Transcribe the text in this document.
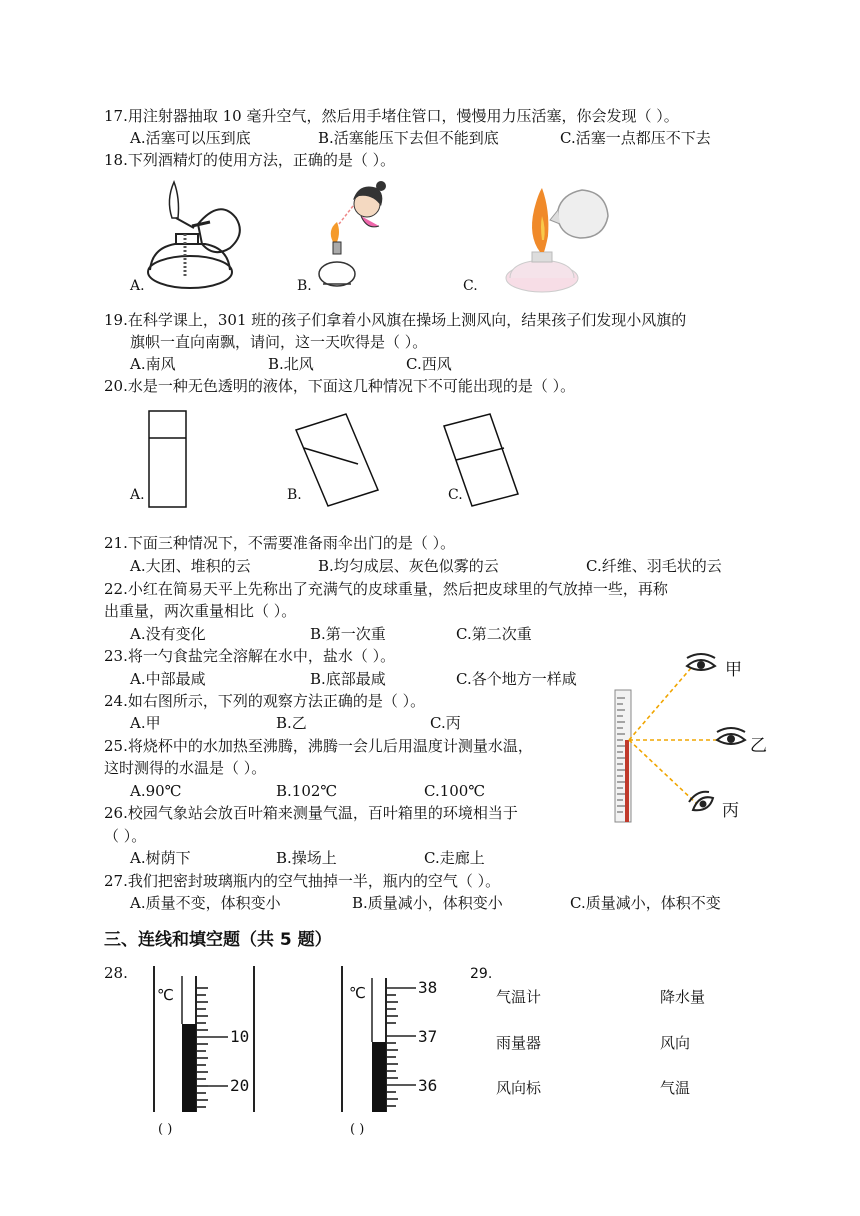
17.用注射器抽取 10 毫升空气，然后用手堵住管口，慢慢用力压活塞，你会发现（ ）。
A.活塞可以压到底	B.活塞能压下去但不能到底	C.活塞一点都压不下去
18.下列酒精灯的使用方法，正确的是（ ）。
A.	B.	C.
19.在科学课上，301 班的孩子们拿着小风旗在操场上测风向，结果孩子们发现小风旗的
旗帜一直向南飘，请问，这一天吹得是（ ）。
A.南风	B.北风	C.西风
20.水是一种无色透明的液体，下面这几种情况下不可能出现的是（ ）。
A.	B.	C.
21.下面三种情况下，不需要准备雨伞出门的是（ ）。
A.大团、堆积的云	B.均匀成层、灰色似雾的云	C.纤维、羽毛状的云
22.小红在简易天平上先称出了充满气的皮球重量，然后把皮球里的气放掉一些，再称
出重量，两次重量相比（ ）。
A.没有变化	B.第一次重	C.第二次重
23.将一勺食盐完全溶解在水中，盐水（ ）。
A.中部最咸	B.底部最咸	C.各个地方一样咸
24.如右图所示，下列的观察方法正确的是（ ）。
A.甲	B.乙	C.丙
25.将烧杯中的水加热至沸腾，沸腾一会儿后用温度计测量水温，
这时测得的水温是（ ）。
A.90℃	B.102℃	C.100℃
26.校园气象站会放百叶箱来测量气温，百叶箱里的环境相当于
（ ）。
A.树荫下	B.操场上	C.走廊上
27.我们把密封玻璃瓶内的空气抽掉一半，瓶内的空气（ ）。
A.质量不变，体积变小	B.质量减小，体积变小	C.质量减小，体积不变
甲
乙
丙
三、连线和填空题（共 5 题）
28.
℃
10
20
( )
℃	38
37
36
( )
29.
气温计
雨量器
风向标
降水量
风向
气温
